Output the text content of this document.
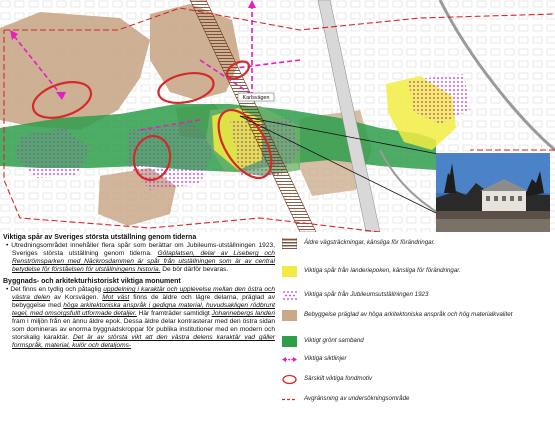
Karlsvägen
Viktiga spår av Sveriges största utställning genom tiderna
• Utredningsområdet innehåller flera spår som berättar om Jubileums-utställningen 1923, Sveriges största utställning genom tiderna. Götaplatsen, delar av Liseberg och Renströmsparken med Näckrosdammen är spår från utställningen som är av central betydelse för förståelsen för utställningens historia. De bör därför bevaras.
Byggnads- och arkitekturhistoriskt viktiga monument
• Det finns en tydlig och påtaglig uppdelning i karaktär och upplevelse mellan den östra och västra delen av Korsvägen. Mot väst finns de äldre och lägre delarna, präglad av bebyggelse med höga arkitektoniska anspråk i gediqna material, huvudsakligen rödbrunt tegel, med omsorgsfullt utformade detaljer. Här framträder samtidigt Johannebergs landeri fram i miljön från en ännu äldre epok. Dessa äldre delar kontrasterar med den östra sidan som domineras av enorma byggnadskroppar för publika institutioner med en modern och storskalig karaktär. Det är av största vikt att den västra delens karaktär vad gäller formspråk, material, kulör och detaljoms-
Äldre vägsträckningar, känsliga för förändringar.
Viktiga spår från landeriepoken, känsliga för förändringar.
Viktiga spår från Jubileumsutställningen 1923
Bebyggelse präglad av höga arkitektoniska anspråk och hög materialkvalitet
Viktigt grönt samband
Viktiga siktlinjer
Särskilt viktiga fondmotiv
Avgränsning av undersökningsområde
